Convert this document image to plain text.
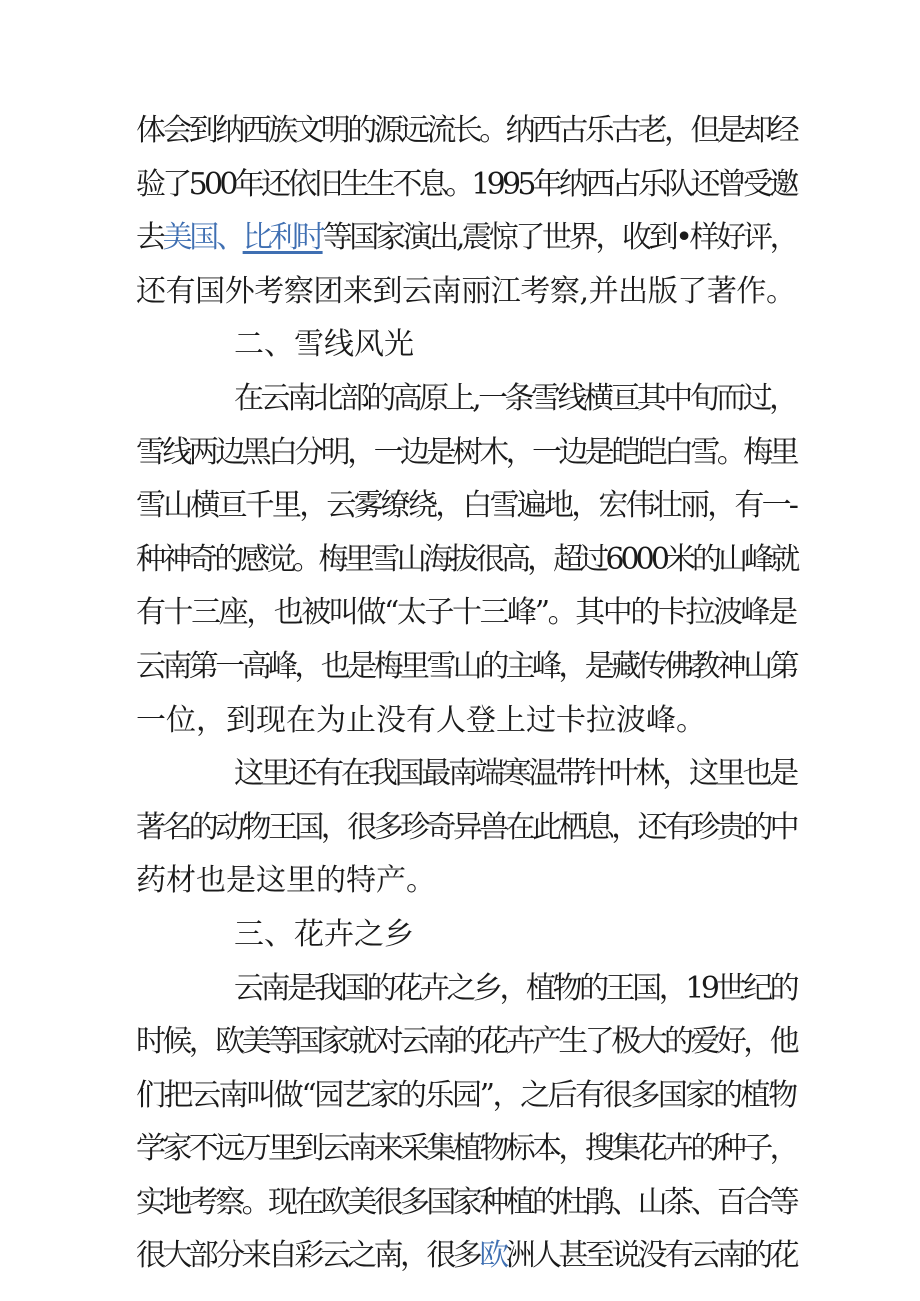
体会到纳西族文明的源远流长。纳西古乐古老，但是却经
验了500年还依旧生生不息。1995年纳西占乐队还曾受邀
去美国、比利时等国家演出,震惊了世界，收到•样好评，
还有国外考察团来到云南丽江考察,并出版了著作。
二、雪线风光
在云南北部的高原上,一条雪线横亘其中旬而过，
雪线两边黑白分明，一边是树木，一边是皑皑白雪。梅里
雪山横亘千里，云雾缭绕，白雪遍地，宏伟壮丽，有一-
种神奇的感觉。梅里雪山海拔很高，超过6000米的山峰就
有十三座，也被叫做“太子十三峰”。其中的卡拉波峰是
云南第一高峰，也是梅里雪山的主峰，是藏传佛教神山第
一位，到现在为止没有人登上过卡拉波峰。
这里还有在我国最南端寒温带针叶林，这里也是
著名的动物王国，很多珍奇异兽在此栖息，还有珍贵的中
药材也是这里的特产。
三、花卉之乡
云南是我国的花卉之乡，植物的王国，19世纪的
时候，欧美等国家就对云南的花卉产生了极大的爱好，他
们把云南叫做“园艺家的乐园”，之后有很多国家的植物
学家不远万里到云南来采集植物标本，搜集花卉的种子，
实地考察。现在欧美很多国家种植的杜鹃、山茶、百合等
很大部分来自彩云之南，很多欧洲人甚至说没有云南的花
